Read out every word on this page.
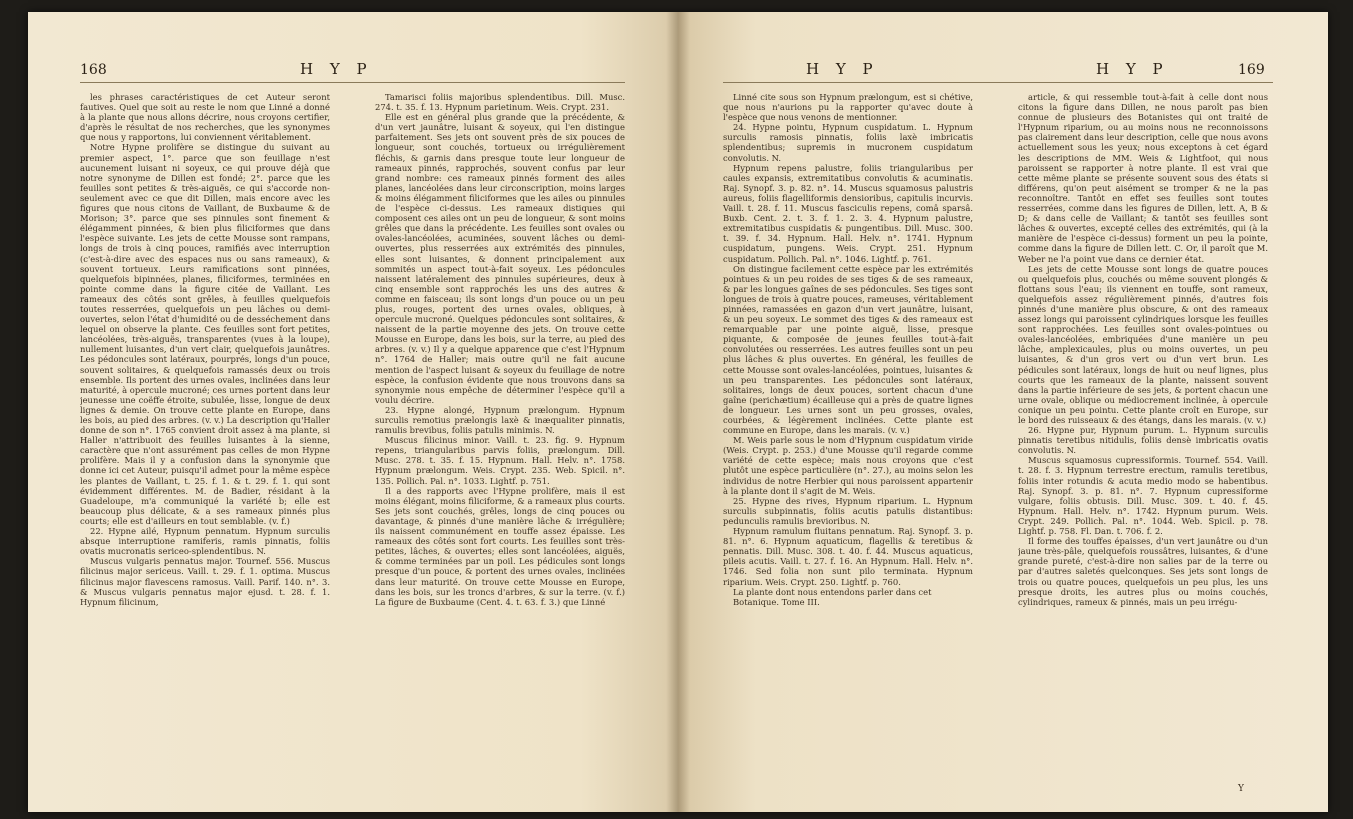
168	H Y P

les phrases caractéristiques de cet Auteur seront fautives. Quel que soit au reste le nom que Linné a donné à la plante que nous allons décrire, nous croyons certifier, d'après le résultat de nos recherches, que les synonymes que nous y rapportons, lui conviennent véritablement.

Notre Hypne prolifère se distingue du suivant au premier aspect, 1°. parce que son feuillage n'est aucunement luisant ni soyeux, ce qui prouve déjà que notre synonyme de Dillen est fondé; 2°. parce que les feuilles sont petites & très-aiguës, ce qui s'accorde non-seulement avec ce que dit Dillen, mais encore avec les figures que nous citons de Vaillant, de Buxbaume & de Morison; 3°. parce que ses pinnules sont finement & élégamment pinnées, & bien plus filiciformes que dans l'espèce suivante. Les jets de cette Mousse sont rampans, longs de trois à cinq pouces, ramifiés avec interruption (c'est-à-dire avec des espaces nus ou sans rameaux), & souvent tortueux. Leurs ramifications sont pinnées, quelquefois bipinnées, planes, filiciformes, terminées en pointe comme dans la figure citée de Vaillant. Les rameaux des côtés sont grêles, à feuilles quelquefois toutes resserrées, quelquefois un peu lâches ou demi-ouvertes, selon l'état d'humidité ou de desséchement dans lequel on observe la plante. Ces feuilles sont fort petites, lancéolées, très-aiguës, transparentes (vues à la loupe), nullement luisantes, d'un vert clair, quelquefois jaunâtres. Les pédoncules sont latéraux, pourprés, longs d'un pouce, souvent solitaires, & quelquefois ramassés deux ou trois ensemble. Ils portent des urnes ovales, inclinées dans leur maturité, à opercule mucroné; ces urnes portent dans leur jeunesse une coëffe étroite, subulée, lisse, longue de deux lignes & demie. On trouve cette plante en Europe, dans les bois, au pied des arbres. (v. v.) La description qu'Haller donne de son n°. 1765 convient droit assez à ma plante, si Haller n'attribuoit des feuilles luisantes à la sienne, caractère que n'ont assurément pas celles de mon Hypne prolifère. Mais il y a confusion dans la synonymie que donne ici cet Auteur, puisqu'il admet pour la même espèce les plantes de Vaillant, t. 25. f. 1. & t. 29. f. 1. qui sont évidemment différentes. M. de Badier, résidant à la Guadeloupe, m'a communiqué la variété b; elle est beaucoup plus délicate, & a ses rameaux pinnés plus courts; elle est d'ailleurs en tout semblable. (v. f.)

22. Hypne ailé, Hypnum pennatum. Hypnum surculis absque interruptione ramiferis, ramis pinnatis, foliis ovatis mucronatis sericeo-splendentibus. N.

Muscus vulgaris pennatus major. Tournef. 556. Muscus filicinus major sericeus. Vaill. t. 29. f. 1. optima. Muscus filicinus major flavescens ramosus. Vaill. Parif. 140. n°. 3. & Muscus vulgaris pennatus major ejusd. t. 28. f. 1. Hypnum filicinum,

Tamarisci foliis majoribus splendentibus. Dill. Musc. 274. t. 35. f. 13. Hypnum parietinum. Weis. Crypt. 231.

Elle est en général plus grande que la précédente, & d'un vert jaunâtre, luisant & soyeux, qui l'en distingue parfaitement. Ses jets ont souvent près de six pouces de longueur, sont couchés, tortueux ou irrégulièrement fléchis, & garnis dans presque toute leur longueur de rameaux pinnés, rapprochés, souvent confus par leur grand nombre: ces rameaux pinnés forment des ailes planes, lancéolées dans leur circonscription, moins larges & moins élégamment filiciformes que les ailes ou pinnules de l'espèce ci-dessus. Les rameaux distiques qui composent ces ailes ont un peu de longueur, & sont moins grêles que dans la précédente. Les feuilles sont ovales ou ovales-lancéolées, acuminées, souvent lâches ou demi-ouvertes, plus resserrées aux extrémités des pinnules, elles sont luisantes, & donnent principalement aux sommités un aspect tout-à-fait soyeux. Les pédoncules naissent latéralement des pinnules supérieures, deux à cinq ensemble sont rapprochés les uns des autres & comme en faisceau; ils sont longs d'un pouce ou un peu plus, rouges, portent des urnes ovales, obliques, à opercule mucroné. Quelques pédoncules sont solitaires, & naissent de la partie moyenne des jets. On trouve cette Mousse en Europe, dans les bois, sur la terre, au pied des arbres. (v. v.) Il y a quelque apparence que c'est l'Hypnum n°. 1764 de Haller; mais outre qu'il ne fait aucune mention de l'aspect luisant & soyeux du feuillage de notre espèce, la confusion évidente que nous trouvons dans sa synonymie nous empêche de déterminer l'espèce qu'il a voulu décrire.

23. Hypne alongé, Hypnum prælongum. Hypnum surculis remotius prælongis laxè & inæqualiter pinnatis, ramulis brevibus, foliis patulis minimis. N.

Muscus filicinus minor. Vaill. t. 23. fig. 9. Hypnum repens, triangularibus parvis foliis, prælongum. Dill. Musc. 278. t. 35. f. 15. Hypnum. Hall. Helv. n°. 1758. Hypnum prælongum. Weis. Crypt. 235. Web. Spicil. n°. 135. Pollich. Pal. n°. 1033. Lightf. p. 751.

Il a des rapports avec l'Hypne prolifère, mais il est moins élégant, moins filiciforme, & a rameaux plus courts. Ses jets sont couchés, grêles, longs de cinq pouces ou davantage, & pinnés d'une manière lâche & irrégulière; ils naissent communément en touffe assez épaisse. Les rameaux des côtés sont fort courts. Les feuilles sont très-petites, lâches, & ouvertes; elles sont lancéolées, aiguës, & comme terminées par un poil. Les pédicules sont longs presque d'un pouce, & portent des urnes ovales, inclinées dans leur maturité. On trouve cette Mousse en Europe, dans les bois, sur les troncs d'arbres, & sur la terre. (v. f.) La figure de Buxbaume (Cent. 4. t. 63. f. 3.) que Linné

H Y P	H Y P	169

Linné cite sous son Hypnum prælongum, est si chétive, que nous n'aurions pu la rapporter qu'avec doute à l'espèce que nous venons de mentionner.

24. Hypne pointu, Hypnum cuspidatum. L. Hypnum surculis ramosis pinnatis, foliis laxè imbricatis splendentibus; supremis in mucronem cuspidatum convolutis. N.

Hypnum repens palustre, foliis triangularibus per caules expansis, extremitatibus convolutis & acuminatis. Raj. Synopf. 3. p. 82. n°. 14. Muscus squamosus palustris aureus, foliis flagelliformis densioribus, capitulis incurvis. Vaill. t. 28. f. 11. Muscus fasciculis repens, comâ sparsâ. Buxb. Cent. 2. t. 3. f. 1. 2. 3. 4. Hypnum palustre, extremitatibus cuspidatis & pungentibus. Dill. Musc. 300. t. 39. f. 34. Hypnum. Hall. Helv. n°. 1741. Hypnum cuspidatum, pungens. Weis. Crypt. 251. Hypnum cuspidatum. Pollich. Pal. n°. 1046. Lightf. p. 761.

On distingue facilement cette espèce par les extrémités pointues & un peu roides de ses tiges & de ses rameaux, & par les longues gaînes de ses pédoncules. Ses tiges sont longues de trois à quatre pouces, rameuses, véritablement pinnées, ramassées en gazon d'un vert jaunâtre, luisant, & un peu soyeux. Le sommet des tiges & des rameaux est remarquable par une pointe aiguë, lisse, presque piquante, & composée de jeunes feuilles tout-à-fait convolutées ou resserrées. Les autres feuilles sont un peu plus lâches & plus ouvertes. En général, les feuilles de cette Mousse sont ovales-lancéolées, pointues, luisantes & un peu transparentes. Les pédoncules sont latéraux, solitaires, longs de deux pouces, sortent chacun d'une gaîne (perichætium) écailleuse qui a près de quatre lignes de longueur. Les urnes sont un peu grosses, ovales, courbées, & légèrement inclinées. Cette plante est commune en Europe, dans les marais. (v. v.)

M. Weis parle sous le nom d'Hypnum cuspidatum viride (Weis. Crypt. p. 253.) d'une Mousse qu'il regarde comme variété de cette espèce; mais nous croyons que c'est plutôt une espèce particulière (n°. 27.), au moins selon les individus de notre Herbier qui nous paroissent appartenir à la plante dont il s'agit de M. Weis.

25. Hypne des rives, Hypnum riparium. L. Hypnum surculis subpinnatis, foliis acutis patulis distantibus: pedunculis ramulis brevioribus. N.

Hypnum ramulum fluitans pennatum. Raj. Synopf. 3. p. 81. n°. 6. Hypnum aquaticum, flagellis & teretibus & pennatis. Dill. Musc. 308. t. 40. f. 44. Muscus aquaticus, pileis acutis. Vaill. t. 27. f. 16. An Hypnum. Hall. Helv. n°. 1746. Sed folia non sunt pilo terminata. Hypnum riparium. Weis. Crypt. 250. Lightf. p. 760.

La plante dont nous entendons parler dans cet

Botanique. Tome III.

article, & qui ressemble tout-à-fait à celle dont nous citons la figure dans Dillen, ne nous paroît pas bien connue de plusieurs des Botanistes qui ont traité de l'Hypnum riparium, ou au moins nous ne reconnoissons pas clairement dans leur description, celle que nous avons actuellement sous les yeux; nous exceptons à cet égard les descriptions de MM. Weis & Lightfoot, qui nous paroissent se rapporter à notre plante. Il est vrai que cette même plante se présente souvent sous des états si différens, qu'on peut aisément se tromper & ne la pas reconnoître. Tantôt en effet ses feuilles sont toutes resserrées, comme dans les figures de Dillen, lett. A, B & D; & dans celle de Vaillant; & tantôt ses feuilles sont lâches & ouvertes, excepté celles des extrémités, qui (à la manière de l'espèce ci-dessus) forment un peu la pointe, comme dans la figure de Dillen lett. C. Or, il paroît que M. Weber ne l'a point vue dans ce dernier état.

Les jets de cette Mousse sont longs de quatre pouces ou quelquefois plus, couchés ou même souvent plongés & flottans sous l'eau; ils viennent en touffe, sont rameux, quelquefois assez régulièrement pinnés, d'autres fois pinnés d'une manière plus obscure, & ont des rameaux assez longs qui paroissent cylindriques lorsque les feuilles sont rapprochées. Les feuilles sont ovales-pointues ou ovales-lancéolées, embriquées d'une manière un peu lâche, amplexicaules, plus ou moins ouvertes, un peu luisantes, & d'un gros vert ou d'un vert brun. Les pédicules sont latéraux, longs de huit ou neuf lignes, plus courts que les rameaux de la plante, naissent souvent dans la partie inférieure de ses jets, & portent chacun une urne ovale, oblique ou médiocrement inclinée, à opercule conique un peu pointu. Cette plante croît en Europe, sur le bord des ruisseaux & des étangs, dans les marais. (v. v.)

26. Hypne pur, Hypnum purum. L. Hypnum surculis pinnatis teretibus nitidulis, foliis densè imbricatis ovatis convolutis. N.

Muscus squamosus cupressiformis. Tournef. 554. Vaill. t. 28. f. 3. Hypnum terrestre erectum, ramulis teretibus, foliis inter rotundis & acuta medio modo se habentibus. Raj. Synopf. 3. p. 81. n°. 7. Hypnum cupressiforme vulgare, foliis obtusis. Dill. Musc. 309. t. 40. f. 45. Hypnum. Hall. Helv. n°. 1742. Hypnum purum. Weis. Crypt. 249. Pollich. Pal. n°. 1044. Web. Spicil. p. 78. Lightf. p. 758. Fl. Dan. t. 706. f. 2.

Il forme des touffes épaisses, d'un vert jaunâtre ou d'un jaune très-pâle, quelquefois roussâtres, luisantes, & d'une grande pureté, c'est-à-dire non salies par de la terre ou par d'autres saletés quelconques. Ses jets sont longs de trois ou quatre pouces, quelquefois un peu plus, les uns presque droits, les autres plus ou moins couchés, cylindriques, rameux & pinnés, mais un peu irrégu-

Y
